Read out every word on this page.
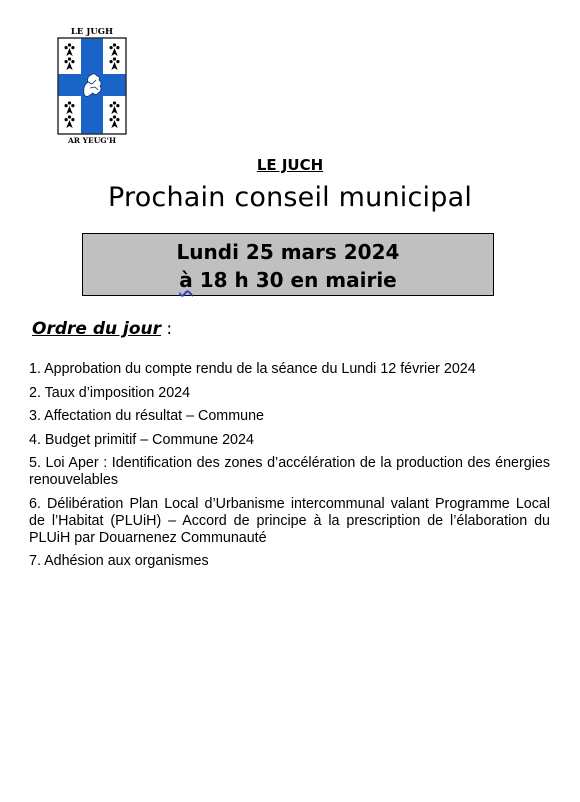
LE JUGH
AR YEUG'H
LE JUCH
Prochain conseil municipal
Lundi 25 mars 2024
à 18 h 30 en mairie
Ordre du jour :
1. Approbation du compte rendu de la séance du Lundi 12 février 2024
2. Taux d’imposition 2024
3. Affectation du résultat – Commune
4. Budget primitif – Commune 2024
5. Loi Aper : Identification des zones d’accélération de la production des énergies renouvelables
6. Délibération Plan Local d’Urbanisme intercommunal valant Programme Local de l’Habitat (PLUiH) – Accord de principe à la prescription de l’élaboration du PLUiH par Douarnenez Communauté
7. Adhésion aux organismes
